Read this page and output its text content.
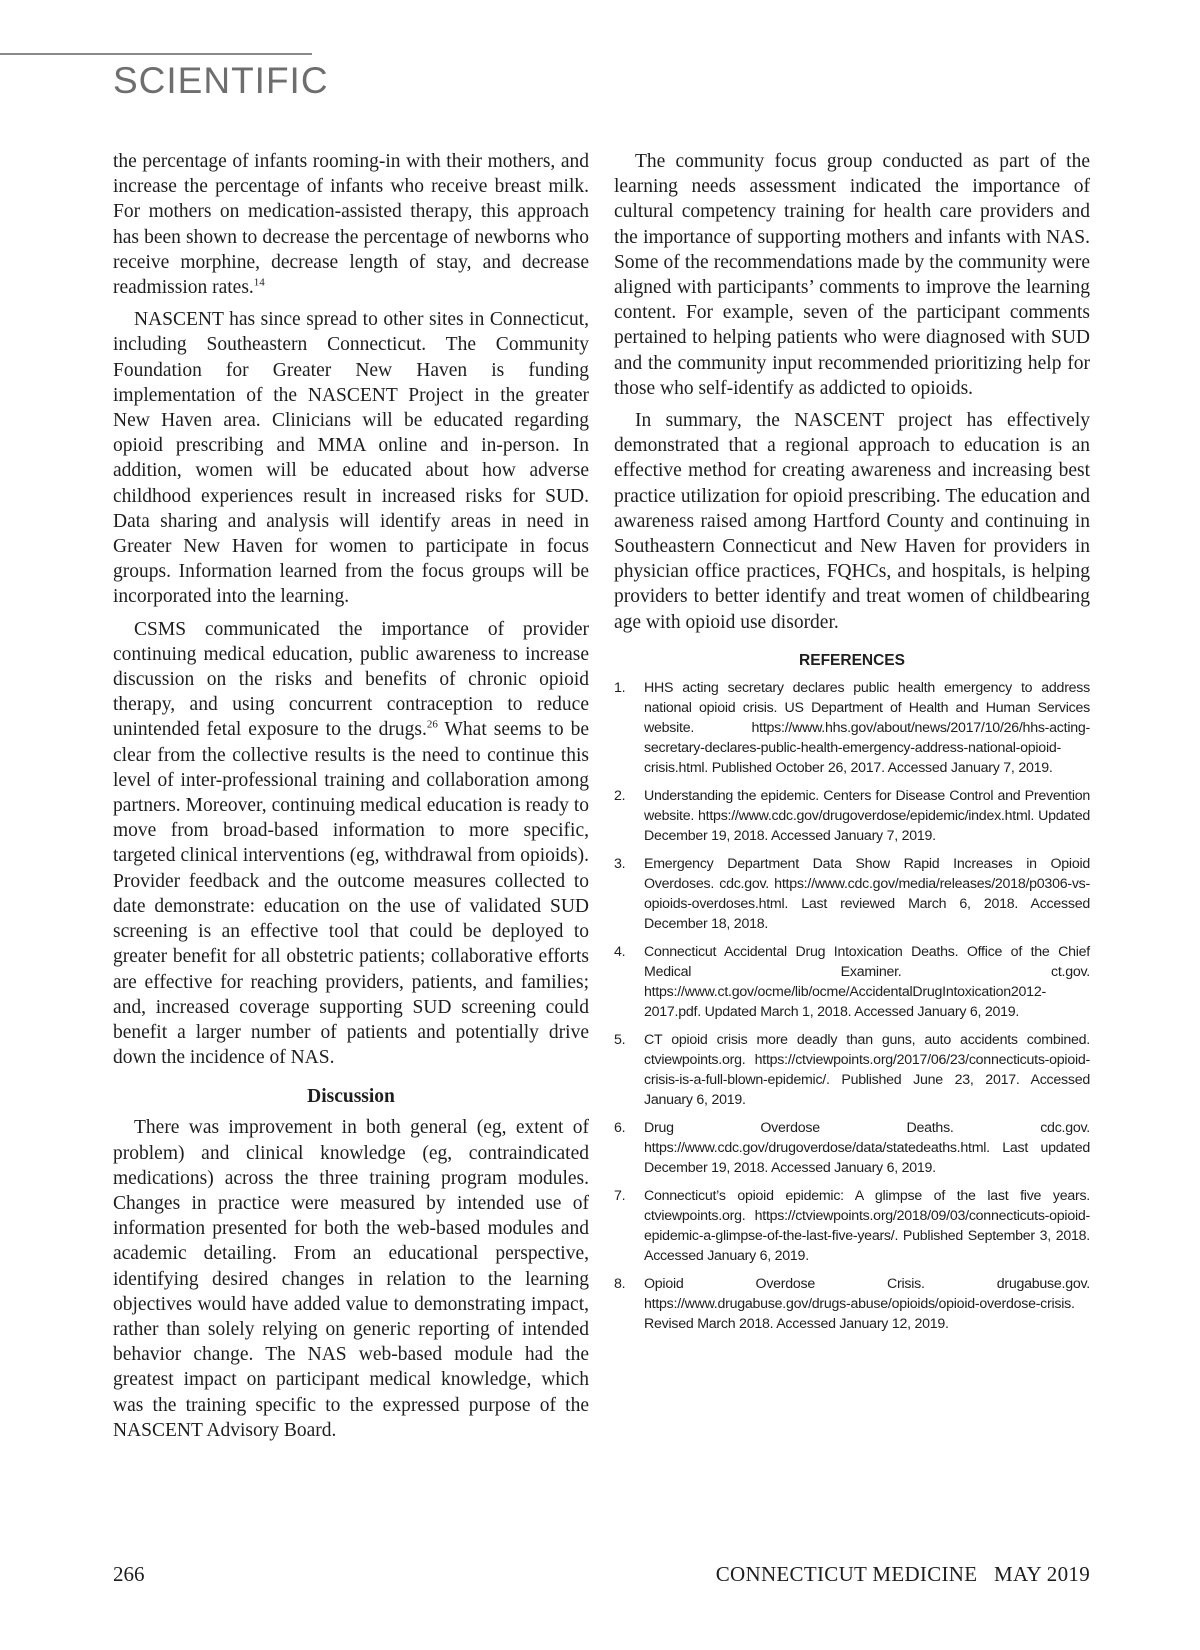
SCIENTIFIC

the percentage of infants rooming-in with their mothers, and increase the percentage of infants who receive breast milk. For mothers on medication-assisted therapy, this approach has been shown to decrease the percentage of newborns who receive morphine, decrease length of stay, and decrease readmission rates.$^{14}$

NASCENT has since spread to other sites in Connecticut, including Southeastern Connecticut. The Community Foundation for Greater New Haven is funding implementation of the NASCENT Project in the greater New Haven area. Clinicians will be educated regarding opioid prescribing and MMA online and in-person. In addition, women will be educated about how adverse childhood experiences result in increased risks for SUD. Data sharing and analysis will identify areas in need in Greater New Haven for women to participate in focus groups. Information learned from the focus groups will be incorporated into the learning.

CSMS communicated the importance of provider continuing medical education, public awareness to increase discussion on the risks and benefits of chronic opioid therapy, and using concurrent contraception to reduce unintended fetal exposure to the drugs.$^{26}$ What seems to be clear from the collective results is the need to continue this level of inter-professional training and collaboration among partners. Moreover, continuing medical education is ready to move from broad-based information to more specific, targeted clinical interventions (eg, withdrawal from opioids). Provider feedback and the outcome measures collected to date demonstrate: education on the use of validated SUD screening is an effective tool that could be deployed to greater benefit for all obstetric patients; collaborative efforts are effective for reaching providers, patients, and families; and, increased coverage supporting SUD screening could benefit a larger number of patients and potentially drive down the incidence of NAS.

Discussion

There was improvement in both general (eg, extent of problem) and clinical knowledge (eg, contraindicated medications) across the three training program modules. Changes in practice were measured by intended use of information presented for both the web-based modules and academic detailing. From an educational perspective, identifying desired changes in relation to the learning objectives would have added value to demonstrating impact, rather than solely relying on generic reporting of intended behavior change. The NAS web-based module had the greatest impact on participant medical knowledge, which was the training specific to the expressed purpose of the NASCENT Advisory Board.

The community focus group conducted as part of the learning needs assessment indicated the importance of cultural competency training for health care providers and the importance of supporting mothers and infants with NAS. Some of the recommendations made by the community were aligned with participants’ comments to improve the learning content. For example, seven of the participant comments pertained to helping patients who were diagnosed with SUD and the community input recommended prioritizing help for those who self-identify as addicted to opioids.

In summary, the NASCENT project has effectively demonstrated that a regional approach to education is an effective method for creating awareness and increasing best practice utilization for opioid prescribing. The education and awareness raised among Hartford County and continuing in Southeastern Connecticut and New Haven for providers in physician office practices, FQHCs, and hospitals, is helping providers to better identify and treat women of childbearing age with opioid use disorder.

REFERENCES
1.	HHS acting secretary declares public health emergency to address national opioid crisis. US Department of Health and Human Services website. https://www.hhs.gov/about/news/2017/10/26/hhs-acting-secretary-declares-public-health-emergency-address-national-opioid-crisis.html. Published October 26, 2017. Accessed January 7, 2019.
2.	Understanding the epidemic. Centers for Disease Control and Prevention website. https://www.cdc.gov/drugoverdose/epidemic/index.html. Updated December 19, 2018. Accessed January 7, 2019.
3.	Emergency Department Data Show Rapid Increases in Opioid Overdoses. cdc.gov. https://www.cdc.gov/media/releases/2018/p0306-vs-opioids-overdoses.html. Last reviewed March 6, 2018. Accessed December 18, 2018.
4.	Connecticut Accidental Drug Intoxication Deaths. Office of the Chief Medical Examiner. ct.gov. https://www.ct.gov/ocme/lib/ocme/AccidentalDrugIntoxication2012-2017.pdf. Updated March 1, 2018. Accessed January 6, 2019.
5.	CT opioid crisis more deadly than guns, auto accidents combined. ctviewpoints.org. https://ctviewpoints.org/2017/06/23/connecticuts-opioid-crisis-is-a-full-blown-epidemic/. Published June 23, 2017. Accessed January 6, 2019.
6.	Drug Overdose Deaths. cdc.gov. https://www.cdc.gov/drugoverdose/data/statedeaths.html. Last updated December 19, 2018. Accessed January 6, 2019.
7.	Connecticut’s opioid epidemic: A glimpse of the last five years. ctviewpoints.org. https://ctviewpoints.org/2018/09/03/connecticuts-opioid-epidemic-a-glimpse-of-the-last-five-years/. Published September 3, 2018. Accessed January 6, 2019.
8.	Opioid Overdose Crisis. drugabuse.gov. https://www.drugabuse.gov/drugs-abuse/opioids/opioid-overdose-crisis. Revised March 2018. Accessed January 12, 2019.
266	CONNECTICUT MEDICINE   MAY 2019
